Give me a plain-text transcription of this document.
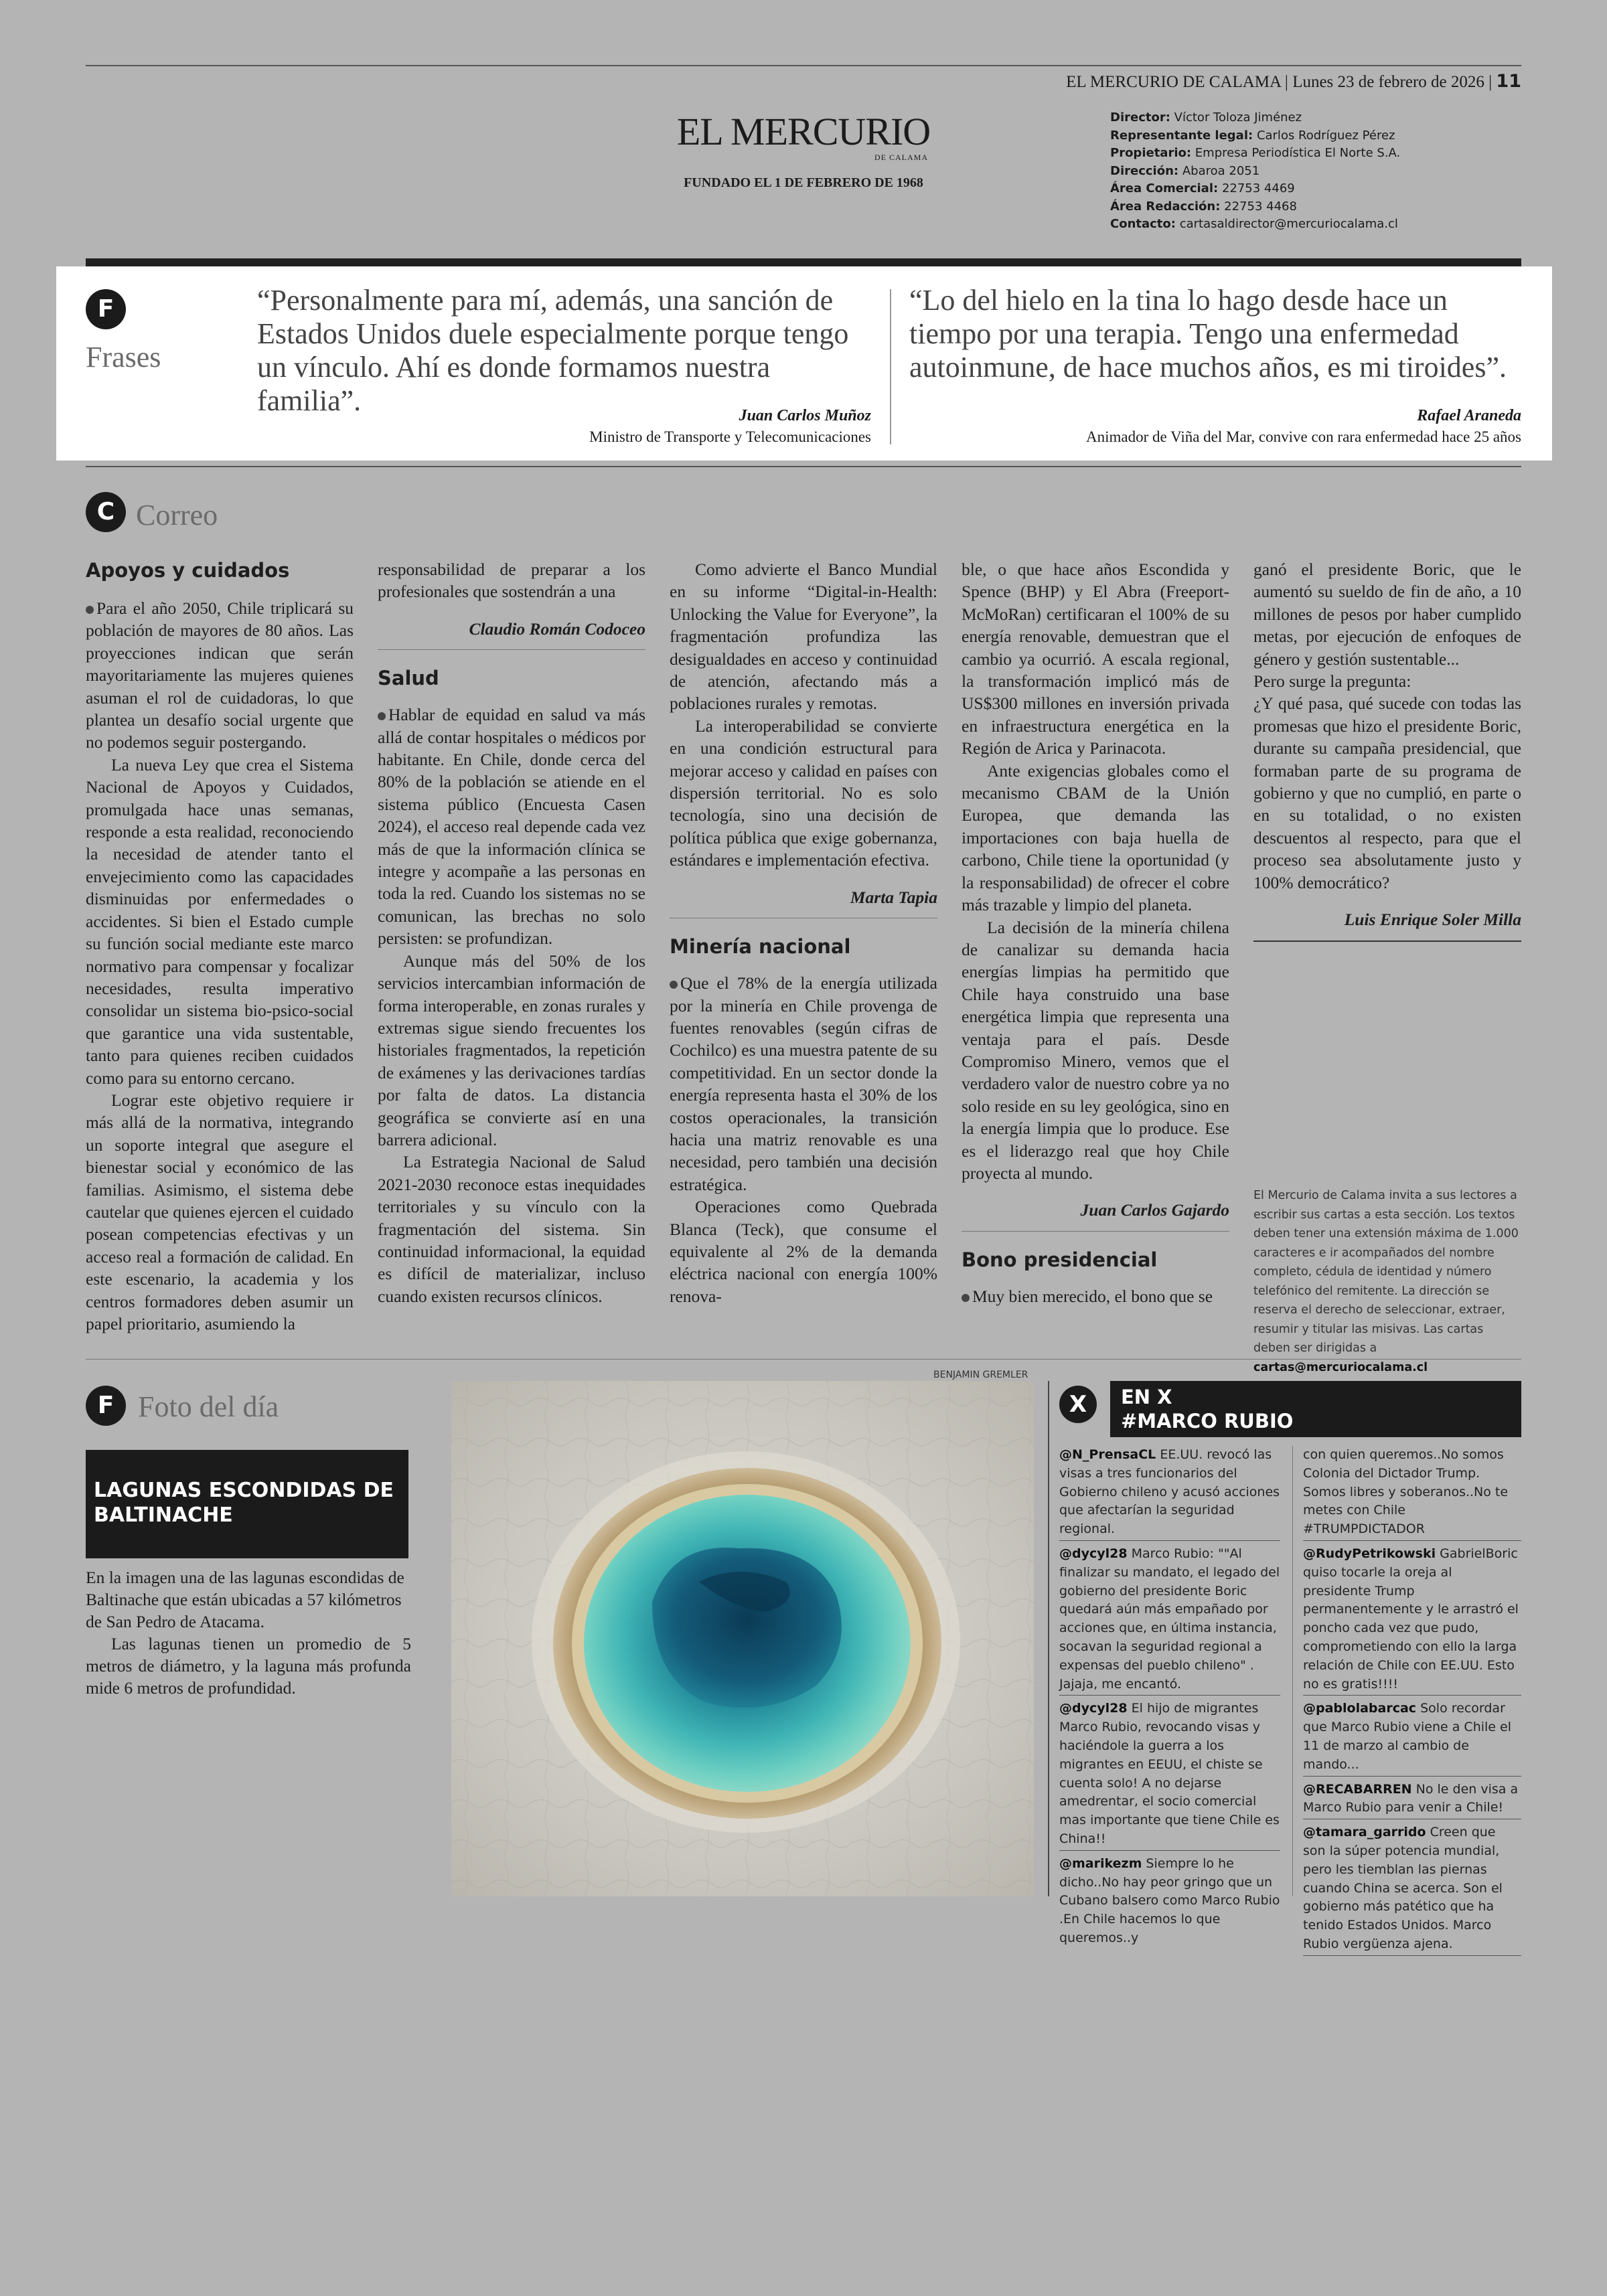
EL MERCURIO DE CALAMA | Lunes 23 de febrero de 2026 | 11
EL MERCURIO
DE CALAMA
FUNDADO EL 1 DE FEBRERO DE 1968
Director: Víctor Toloza Jiménez
Representante legal: Carlos Rodríguez Pérez
Propietario: Empresa Periodística El Norte S.A.
Dirección: Abaroa 2051
Área Comercial: 22753 4469
Área Redacción: 22753 4468
Contacto: cartasaldirector@mercuriocalama.cl
F
Frases
“Personalmente para mí, además, una sanción de Estados Unidos duele especialmente porque tengo un vínculo. Ahí es donde formamos nuestra familia”.	Juan Carlos Muñoz
Ministro de Transporte y Telecomunicaciones
“Lo del hielo en la tina lo hago desde hace un tiempo por una terapia. Tengo una enfermedad autoinmune, de hace muchos años, es mi tiroides”.
Rafael Araneda
Animador de Viña del Mar, convive con rara enfermedad hace 25 años
C Correo
Apoyos y cuidados

Para el año 2050, Chile triplicará su población de mayores de 80 años. Las proyecciones indican que serán mayoritariamente las mujeres quienes asuman el rol de cuidadoras, lo que plantea un desafío social urgente que no podemos seguir postergando.

La nueva Ley que crea el Sistema Nacional de Apoyos y Cuidados, promulgada hace unas semanas, responde a esta realidad, reconociendo la necesidad de atender tanto el envejecimiento como las capacidades disminuidas por enfermedades o accidentes. Si bien el Estado cumple su función social mediante este marco normativo para compensar y focalizar necesidades, resulta imperativo consolidar un sistema bio-psico-social que garantice una vida sustentable, tanto para quienes reciben cuidados como para su entorno cercano.

Lograr este objetivo requiere ir más allá de la normativa, integrando un soporte integral que asegure el bienestar social y económico de las familias. Asimismo, el sistema debe cautelar que quienes ejercen el cuidado posean competencias efectivas y un acceso real a formación de calidad. En este escenario, la academia y los centros formadores deben asumir un papel prioritario, asumiendo la

responsabilidad de preparar a los profesionales que sostendrán a una

Claudio Román Codoceo

Salud

Hablar de equidad en salud va más allá de contar hospitales o médicos por habitante. En Chile, donde cerca del 80% de la población se atiende en el sistema público (Encuesta Casen 2024), el acceso real depende cada vez más de que la información clínica se integre y acompañe a las personas en toda la red. Cuando los sistemas no se comunican, las brechas no solo persisten: se profundizan.

Aunque más del 50% de los servicios intercambian información de forma interoperable, en zonas rurales y extremas sigue siendo frecuentes los historiales fragmentados, la repetición de exámenes y las derivaciones tardías por falta de datos. La distancia geográfica se convierte así en una barrera adicional.

La Estrategia Nacional de Salud 2021-2030 reconoce estas inequidades territoriales y su vínculo con la fragmentación del sistema. Sin continuidad informacional, la equidad es difícil de materializar, incluso cuando existen recursos clínicos.

Como advierte el Banco Mundial en su informe “Digital-in-Health: Unlocking the Value for Everyone”, la fragmentación profundiza las desigualdades en acceso y continuidad de atención, afectando más a poblaciones rurales y remotas.

La interoperabilidad se convierte en una condición estructural para mejorar acceso y calidad en países con dispersión territorial. No es solo tecnología, sino una decisión de política pública que exige gobernanza, estándares e implementación efectiva.

Marta Tapia

Minería nacional

Que el 78% de la energía utilizada por la minería en Chile provenga de fuentes renovables (según cifras de Cochilco) es una muestra patente de su competitividad. En un sector donde la energía representa hasta el 30% de los costos operacionales, la transición hacia una matriz renovable es una necesidad, pero también una decisión estratégica.

Operaciones como Quebrada Blanca (Teck), que consume el equivalente al 2% de la demanda eléctrica nacional con energía 100% renova-

ble, o que hace años Escondida y Spence (BHP) y El Abra (Freeport-McMoRan) certificaran el 100% de su energía renovable, demuestran que el cambio ya ocurrió. A escala regional, la transformación implicó más de US$300 millones en inversión privada en infraestructura energética en la Región de Arica y Parinacota.

Ante exigencias globales como el mecanismo CBAM de la Unión Europea, que demanda las importaciones con baja huella de carbono, Chile tiene la oportunidad (y la responsabilidad) de ofrecer el cobre más trazable y limpio del planeta.

La decisión de la minería chilena de canalizar su demanda hacia energías limpias ha permitido que Chile haya construido una base energética limpia que representa una ventaja para el país. Desde Compromiso Minero, vemos que el verdadero valor de nuestro cobre ya no solo reside en su ley geológica, sino en la energía limpia que lo produce. Ese es el liderazgo real que hoy Chile proyecta al mundo.

Juan Carlos Gajardo

Bono presidencial

Muy bien merecido, el bono que se

ganó el presidente Boric, que le aumentó su sueldo de fin de año, a 10 millones de pesos por haber cumplido metas, por ejecución de enfoques de género y gestión sustentable...

Pero surge la pregunta:

¿Y qué pasa, qué sucede con todas las promesas que hizo el presidente Boric, durante su campaña presidencial, que formaban parte de su programa de gobierno y que no cumplió, en parte o en su totalidad, o no existen descuentos al respecto, para que el proceso sea absolutamente justo y 100% democrático?

Luis Enrique Soler Milla

El Mercurio de Calama invita a sus lectores a escribir sus cartas a esta sección. Los textos deben tener una extensión máxima de 1.000 caracteres e ir acompañados del nombre completo, cédula de identidad y número telefónico del remitente. La dirección se reserva el derecho de seleccionar, extraer, resumir y titular las misivas. Las cartas deben ser dirigidas a cartas@mercuriocalama.cl
F Foto del día
LAGUNAS ESCONDIDAS DE BALTINACHE

En la imagen una de las lagunas escondidas de Baltinache que están ubicadas a 57 kilómetros de San Pedro de Atacama.

Las lagunas tienen un promedio de 5 metros de diámetro, y la laguna más profunda mide 6 metros de profundidad.

BENJAMIN GREMLER
X	EN X
#MARCO RUBIO
@N_PrensaCL EE.UU. revocó las visas a tres funcionarios del Gobierno chileno y acusó acciones que afectarían la seguridad regional.
@dycyl28 Marco Rubio: ""Al finalizar su mandato, el legado del gobierno del presidente Boric quedará aún más empañado por acciones que, en última instancia, socavan la seguridad regional a expensas del pueblo chileno" . Jajaja, me encantó.
@dycyl28 El hijo de migrantes Marco Rubio, revocando visas y haciéndole la guerra a los migrantes en EEUU, el chiste se cuenta solo! A no dejarse amedrentar, el socio comercial mas importante que tiene Chile es China!!
@marikezm Siempre lo he dicho..No hay peor gringo que un Cubano balsero como Marco Rubio .En Chile hacemos lo que queremos..y
con quien queremos..No somos Colonia del Dictador Trump. Somos libres y soberanos..No te metes con Chile #TRUMPDICTADOR
@RudyPetrikowski GabrielBoric quiso tocarle la oreja al presidente Trump permanentemente y le arrastró el poncho cada vez que pudo, comprometiendo con ello la larga relación de Chile con EE.UU. Esto no es gratis!!!!
@pablolabarcac Solo recordar que Marco Rubio viene a Chile el 11 de marzo al cambio de mando...
@RECABARREN No le den visa a Marco Rubio para venir a Chile!
@tamara_garrido Creen que son la súper potencia mundial, pero les tiemblan las piernas cuando China se acerca. Son el gobierno más patético que ha tenido Estados Unidos. Marco Rubio vergüenza ajena.
